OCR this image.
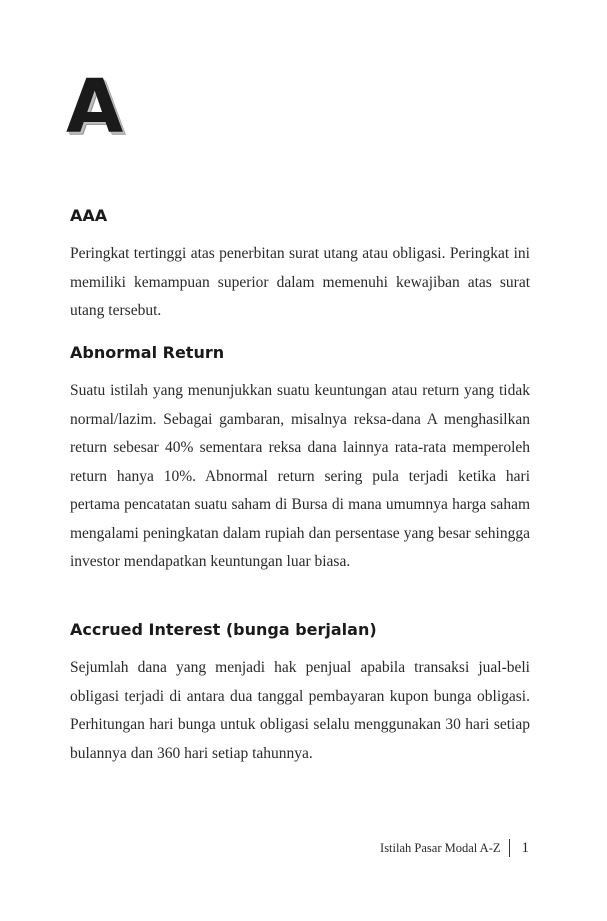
A
AAA

Peringkat tertinggi atas penerbitan surat utang atau obligasi. Peringkat ini memiliki kemampuan superior dalam memenuhi kewajiban atas surat utang tersebut.

Abnormal Return

Suatu istilah yang menunjukkan suatu keuntungan atau return yang tidak normal/lazim. Sebagai gambaran, misalnya reksa-dana A menghasilkan return sebesar 40% sementara reksa dana lainnya rata-rata memperoleh return hanya 10%. Abnormal return sering pula terjadi ketika hari pertama pencatatan suatu saham di Bursa di mana umumnya harga saham mengalami peningkatan dalam rupiah dan persentase yang besar sehingga investor mendapatkan keuntungan luar biasa.

Accrued Interest (bunga berjalan)

Sejumlah dana yang menjadi hak penjual apabila transaksi jual-beli obligasi terjadi di antara dua tanggal pembayaran kupon bunga obligasi. Perhitungan hari bunga untuk obligasi selalu menggunakan 30 hari setiap bulannya dan 360 hari setiap tahunnya.

Istilah Pasar Modal A-Z	1
